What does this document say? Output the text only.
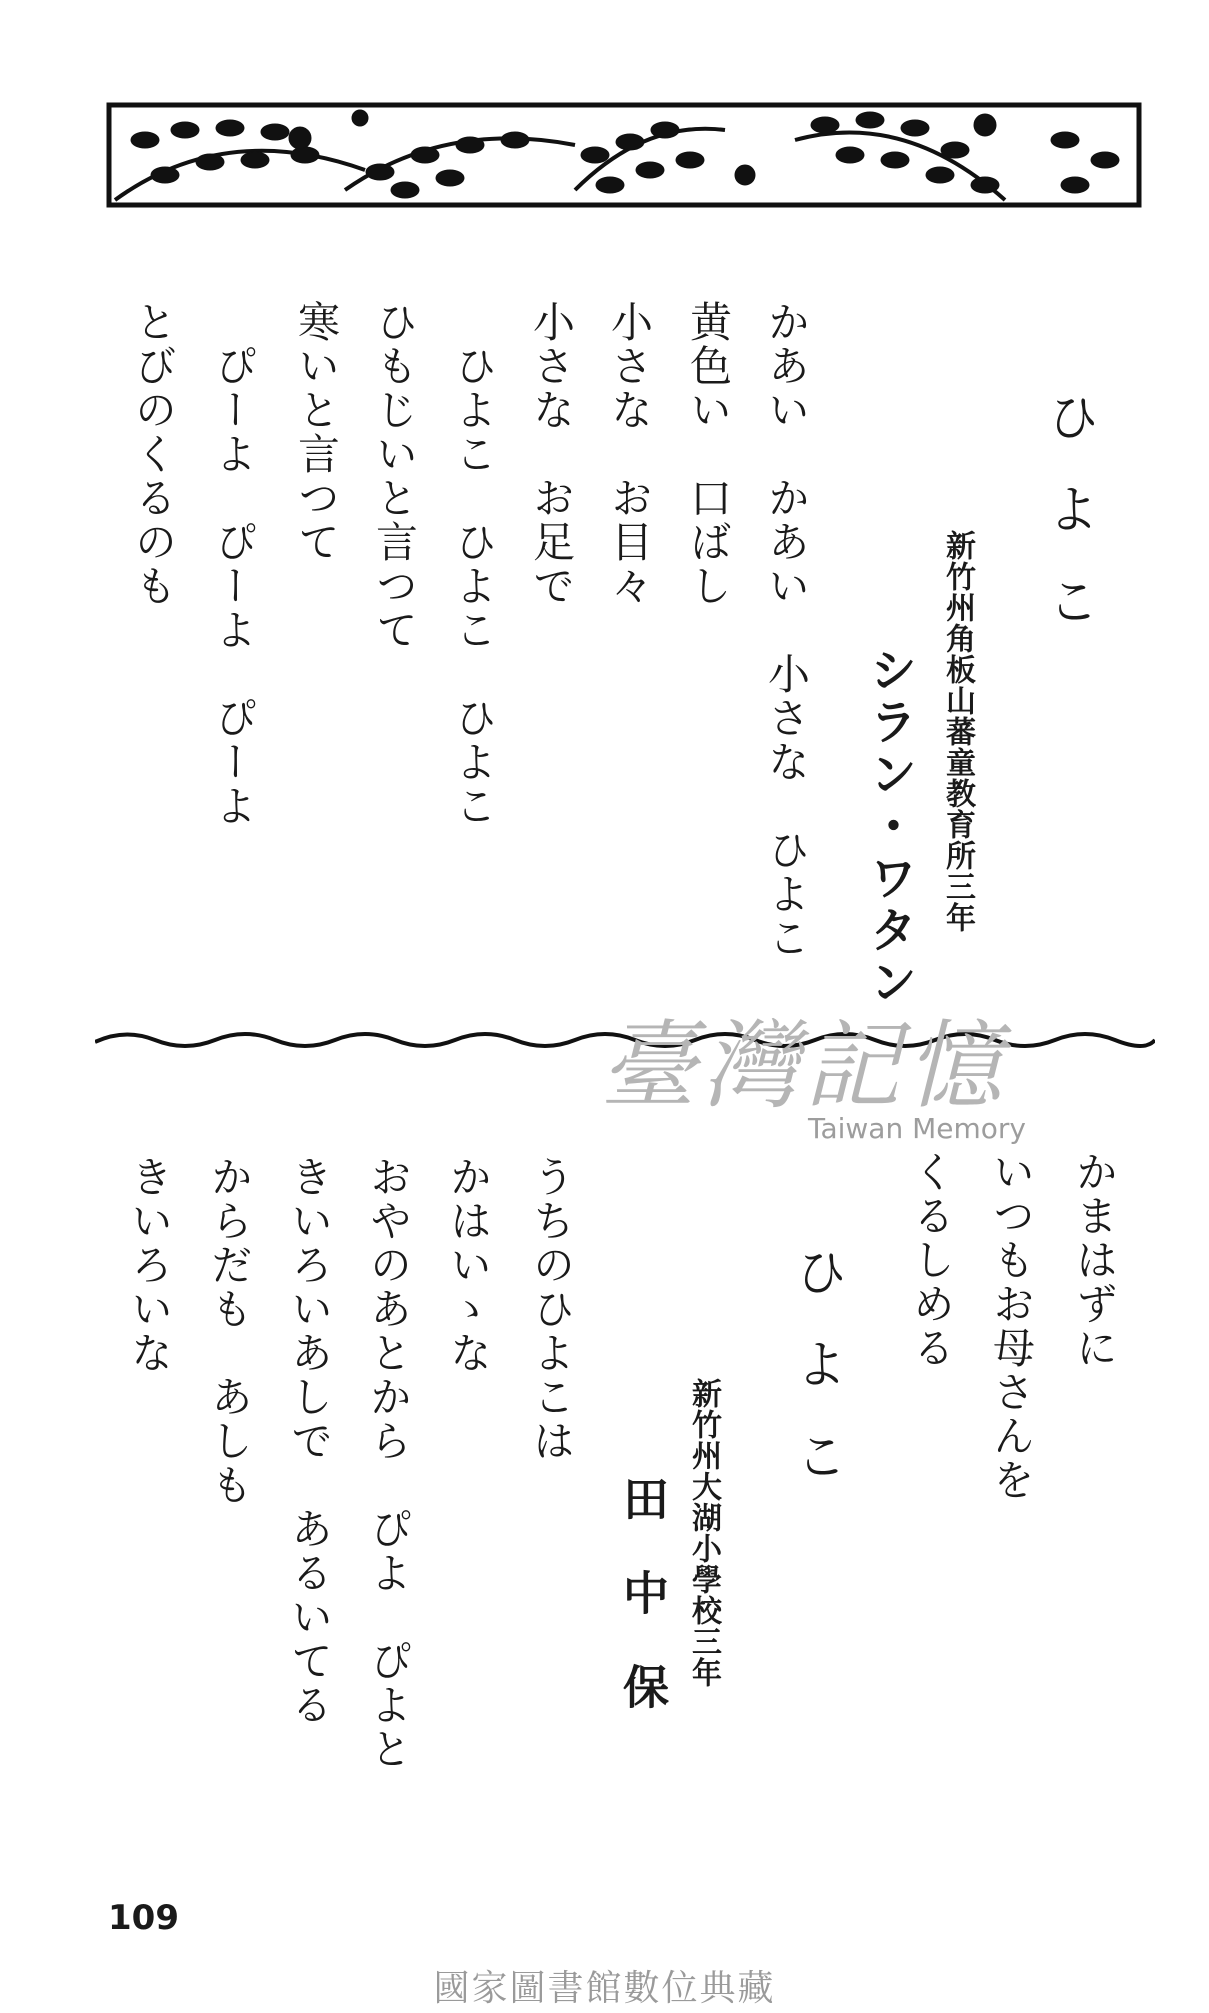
ひよこ
新竹州角板山蕃童教育所三年
シラン・ワタン
かあい　かあい　小さな　ひよこ
黄色い　口ばし
小さな　お目々
小さな　お足で
　ひよこ　ひよこ　ひよこ
ひもじいと言つて
寒いと言つて
　ぴーよ　ぴーよ　ぴーよ
とびのくるのも
かまはずに
いつもお母さんを
くるしめる
ひよこ
新竹州大湖小學校三年
田中保
うちのひよこは
かはいゝな
おやのあとから　ぴよ　ぴよと
きいろいあしで　あるいてる
からだも　あしも
きいろいな
臺灣記憶
Taiwan Memory
109
國家圖書館數位典藏
